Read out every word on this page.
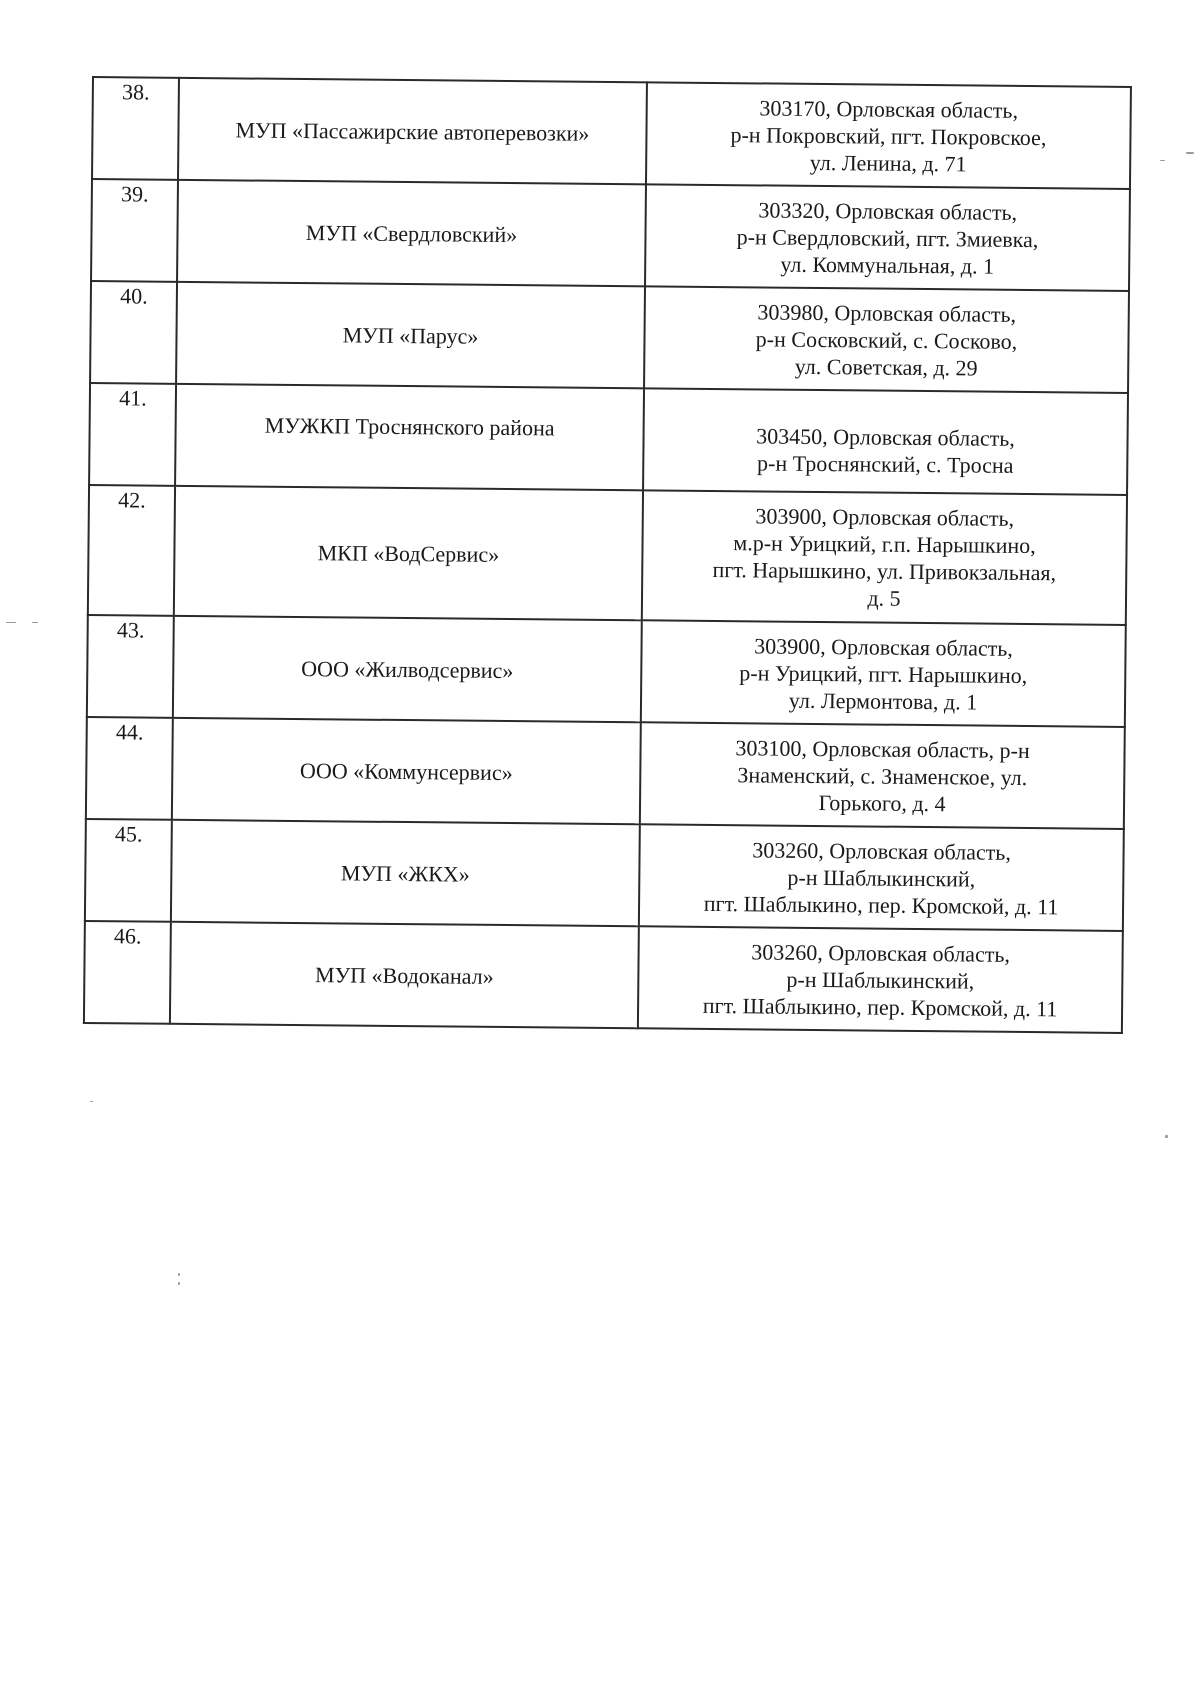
38.	МУП «Пассажирские автоперевозки»	303170, Орловская область,
р-н Покровский, пгт. Покровское,
ул. Ленина, д. 71

39.	МУП «Свердловский»	303320, Орловская область,
р-н Свердловский, пгт. Змиевка,
ул. Коммунальная, д. 1

40.	МУП «Парус»	303980, Орловская область,
р-н Сосковский, с. Сосково,
ул. Советская, д. 29

41.	МУЖКП Троснянского района	303450, Орловская область,
р-н Троснянский, с. Тросна

42.	МКП «ВодСервис»	303900, Орловская область,
м.р-н Урицкий, г.п. Нарышкино,
пгт. Нарышкино, ул. Привокзальная,
д. 5

43.	ООО «Жилводсервис»	303900, Орловская область,
р-н Урицкий, пгт. Нарышкино,
ул. Лермонтова, д. 1

44.	ООО «Коммунсервис»	303100, Орловская область, р-н
Знаменский, с. Знаменское, ул.
Горького, д. 4

45.	МУП «ЖКХ»	303260, Орловская область,
р-н Шаблыкинский,
пгт. Шаблыкино, пер. Кромской, д. 11

46.	МУП «Водоканал»	303260, Орловская область,
р-н Шаблыкинский,
пгт. Шаблыкино, пер. Кромской, д. 11
